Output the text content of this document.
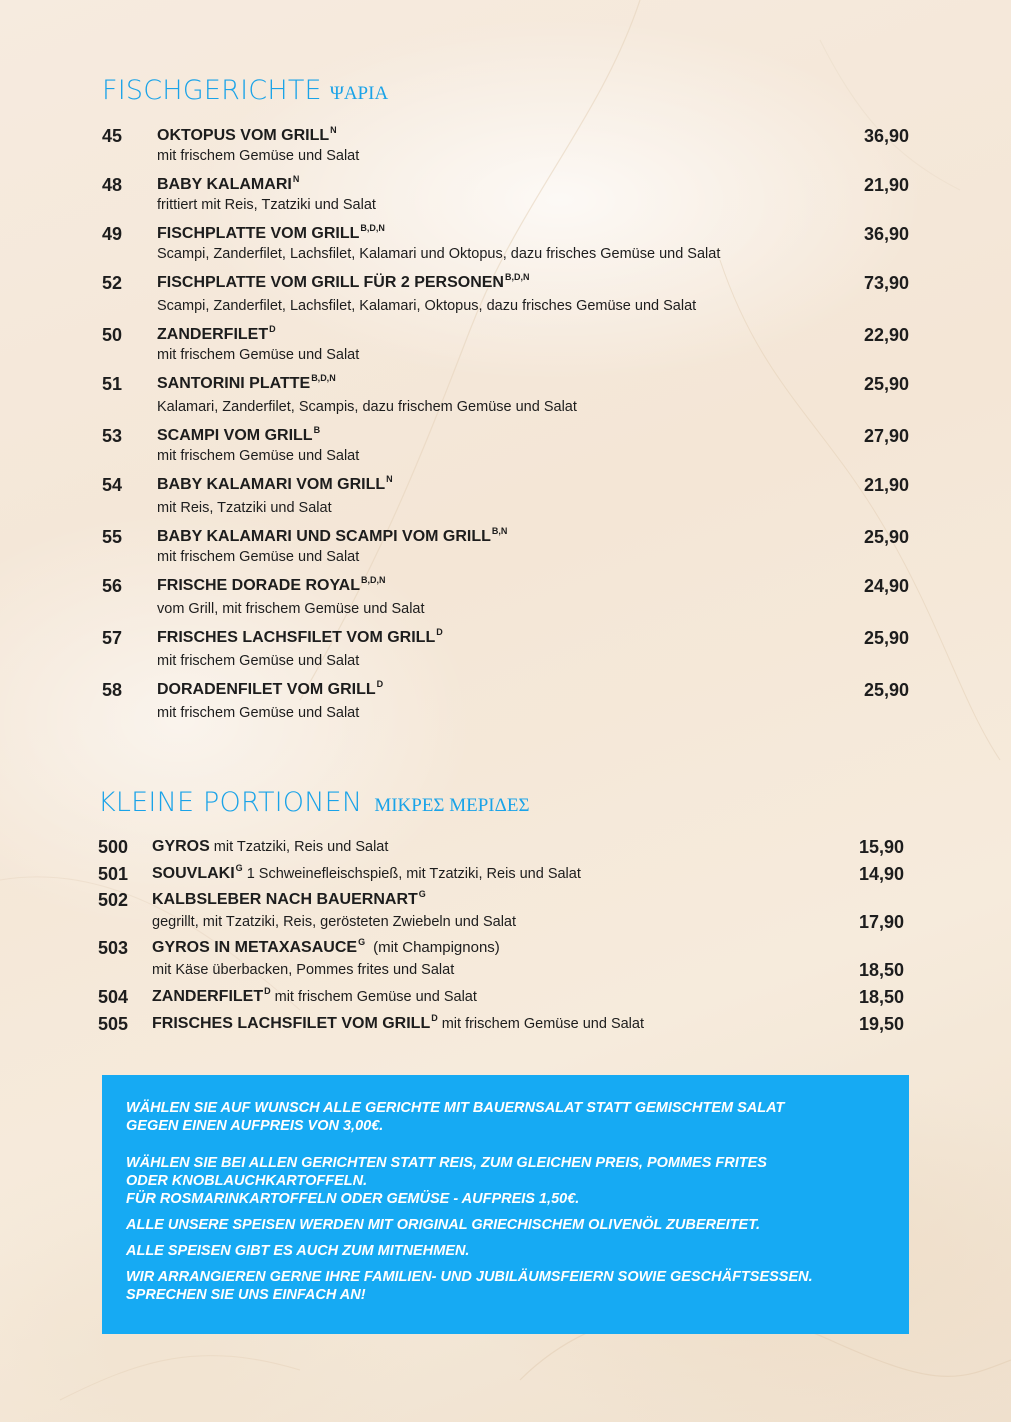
FISCHGERICHTE ΨΑΡΙΑ
45 OKTOPUS VOM $GRILL^N$
mit frischem Gemüse und Salat
36,90
48 BABY $KALAMARI^N$
frittiert mit Reis, Tzatziki und Salat
21,90
49 FISCHPLATTE VOM $GRILL^{B,D,N}$
Scampi, Zanderfilet, Lachsfilet, Kalamari und Oktopus, dazu frisches Gemüse und Salat
36,90
52 FISCHPLATTE VOM GRILL FÜR 2 $PERSONEN^{B,D,N}$
Scampi, Zanderfilet, Lachsfilet, Kalamari, Oktopus, dazu frisches Gemüse und Salat
73,90
50 $ZANDERFILET^D$
mit frischem Gemüse und Salat
22,90
51 SANTORINI $PLATTE^{B,D,N}$
Kalamari, Zanderfilet, Scampis, dazu frischem Gemüse und Salat
25,90
53 SCAMPI VOM $GRILL^B$
mit frischem Gemüse und Salat
27,90
54 BABY KALAMARI VOM $GRILL^N$
mit Reis, Tzatziki und Salat
21,90
55 BABY KALAMARI UND SCAMPI VOM $GRILL^{B,N}$
mit frischem Gemüse und Salat
25,90
56 FRISCHE DORADE $ROYAL^{B,D,N}$
vom Grill, mit frischem Gemüse und Salat
24,90
57 FRISCHES LACHSFILET VOM $GRILL^D$
mit frischem Gemüse und Salat
25,90
58 DORADENFILET VOM $GRILL^D$
mit frischem Gemüse und Salat
25,90
KLEINE PORTIONEN ΜΙΚΡΕΣ ΜΕΡΙΔΕΣ
500 GYROS mit Tzatziki, Reis und Salat	15,90
501 $SOUVLAKI^G$ 1 Schweinefleischspieß, mit Tzatziki, Reis und Salat	14,90
502 KALBSLEBER NACH $BAUERNART^G$
gegrillt, mit Tzatziki, Reis, gerösteten Zwiebeln und Salat	17,90
503 GYROS IN $METAXASAUCE^G$ (mit Champignons)
mit Käse überbacken, Pommes frites und Salat	18,50
504 $ZANDERFILET^D$ mit frischem Gemüse und Salat	18,50
505 FRISCHES LACHSFILET VOM $GRILL^D$ mit frischem Gemüse und Salat	19,50

WÄHLEN SIE AUF WUNSCH ALLE GERICHTE MIT BAUERNSALAT STATT GEMISCHTEM SALAT
GEGEN EINEN AUFPREIS VON 3,00€.

WÄHLEN SIE BEI ALLEN GERICHTEN STATT REIS, ZUM GLEICHEN PREIS, POMMES FRITES
ODER KNOBLAUCHKARTOFFELN.
FÜR ROSMARINKARTOFFELN ODER GEMÜSE - AUFPREIS 1,50€.

ALLE UNSERE SPEISEN WERDEN MIT ORIGINAL GRIECHISCHEM OLIVENÖL ZUBEREITET.

ALLE SPEISEN GIBT ES AUCH ZUM MITNEHMEN.

WIR ARRANGIEREN GERNE IHRE FAMILIEN- UND JUBILÄUMSFEIERN SOWIE GESCHÄFTSESSEN.
SPRECHEN SIE UNS EINFACH AN!
